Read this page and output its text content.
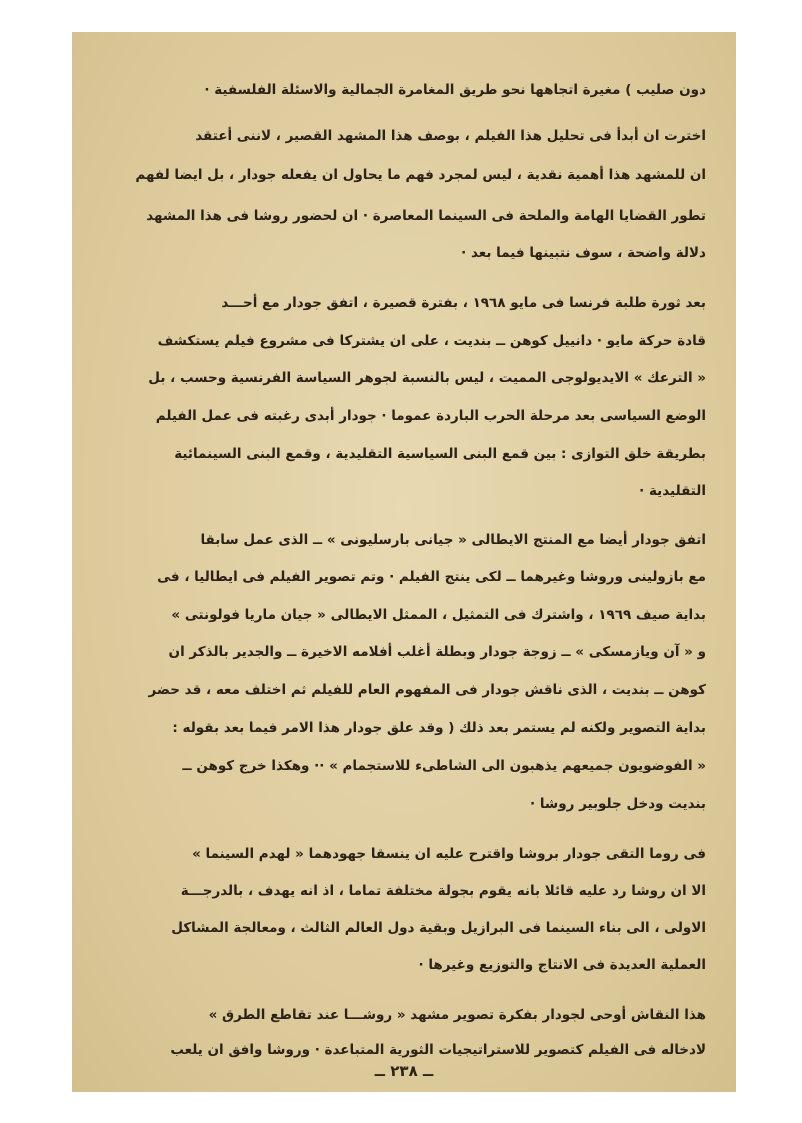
دون صليب ) مغيرة اتجاهها نحو طريق المغامرة الجمالية والاسئلة الفلسفية ·
اخترت ان أبدأ فى تحليل هذا الفيلم ، بوصف هذا المشهد القصير ، لاننى أعتقد
ان للمشهد هذا أهمية نقدية ، ليس لمجرد فهم ما يحاول ان يفعله جودار ، بل ايضا لفهم
تطور القضايا الهامة والملحة فى السينما المعاصرة · ان لحضور روشا فى هذا المشهد
دلالة واضحة ، سوف نتبينها فيما بعد ·
بعد ثورة طلبة فرنسا فى مايو ١٩٦٨ ، بفترة قصيرة ، اتفق جودار مع أحـــد
قادة حركة مايو · دانييل كوهن ــ بنديت ، على ان يشتركا فى مشروع فيلم يستكشف
« الترعك » الايديولوجى المميت ، ليس بالنسبة لجوهر السياسة الفرنسية وحسب ، بل
الوضع السياسى بعد مرحلة الحرب الباردة عموما · جودار أبدى رغبته فى عمل الفيلم
بطريقة خلق التوازى : بين قمع البنى السياسية التقليدية ، وقمع البنى السينمائية
التقليدية ·
اتفق جودار أيضا مع المنتج الايطالى « جيانى بارسليونى » ــ الذى عمل سابقا
مع بازولينى وروشا وغيرهما ــ لكى ينتج الفيلم · وتم تصوير الفيلم فى ايطاليا ، فى
بداية صيف ١٩٦٩ ، واشترك فى التمثيل ، الممثل الايطالى « جيان ماريا فولونتى »
و « آن ويازمسكى » ــ زوجة جودار وبطلة أغلب أفلامه الاخيرة ــ والجدير بالذكر ان
كوهن ــ بنديت ، الذى ناقش جودار فى المفهوم العام للفيلم ثم اختلف معه ، قد حضر
بداية التصوير ولكنه لم يستمر بعد ذلك ( وقد علق جودار هذا الامر فيما بعد بقوله :
« الفوضويون جميعهم يذهبون الى الشاطىء للاستجمام » ·· وهكذا خرج كوهن ــ
بنديت ودخل جلوبير روشا ·
فى روما التقى جودار بروشا واقترح عليه ان ينسقا جهودهما « لهدم السينما »
الا ان روشا رد عليه قائلا بانه يقوم بجولة مختلفة تماما ، اذ انه يهدف ، بالدرجـــة
الاولى ، الى بناء السينما فى البرازيل وبقية دول العالم الثالث ، ومعالجة المشاكل
العملية العديدة فى الانتاج والتوزيع وغيرها ·
هذا النقاش أوحى لجودار بفكرة تصوير مشهد « روشـــا عند تقاطع الطرق »
لادخاله فى الفيلم كتصوير للاستراتيجيات الثورية المتباعدة · وروشا وافق ان يلعب
ــ ٢٣٨ ــ
